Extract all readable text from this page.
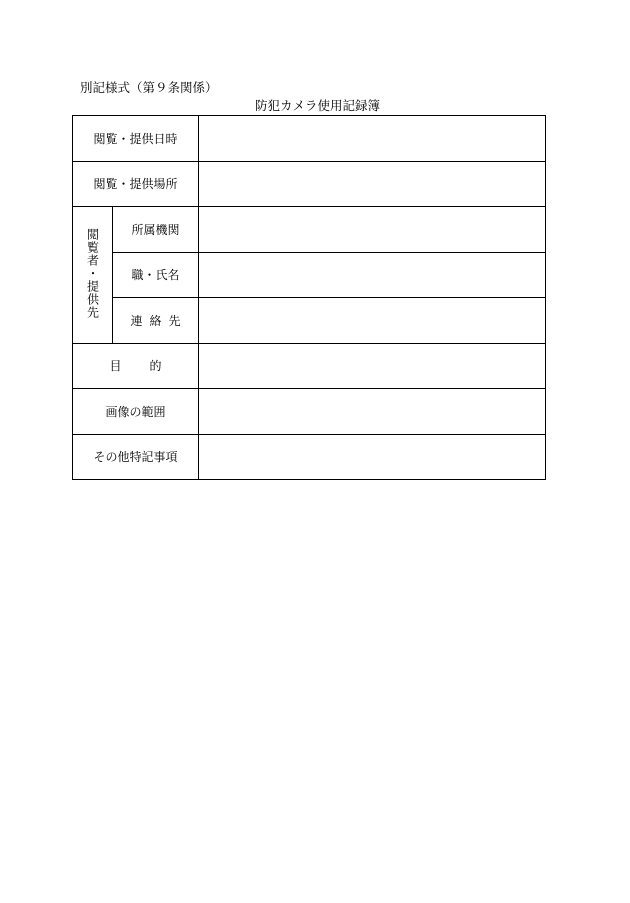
別記様式（第９条関係）
防犯カメラ使用記録簿
閲覧・提供日時		
閲覧・提供場所		
閲覧者・提供先	所属機関	
	職・氏名	
	連絡先	
目的		
画像の範囲		
その他特記事項		
